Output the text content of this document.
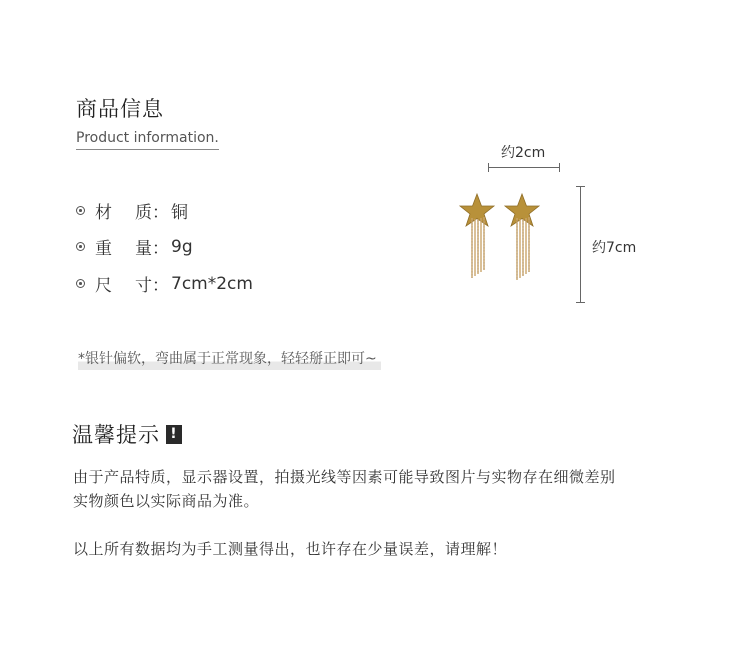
商品信息
Product information.
材 质： 铜
重 量： 9g
尺 寸： 7cm*2cm
约2cm
约7cm
*银针偏软，弯曲属于正常现象，轻轻掰正即可~
温馨提示 !
由于产品特质，显示器设置，拍摄光线等因素可能导致图片与实物存在细微差别
实物颜色以实际商品为准。
以上所有数据均为手工测量得出，也许存在少量误差，请理解！
